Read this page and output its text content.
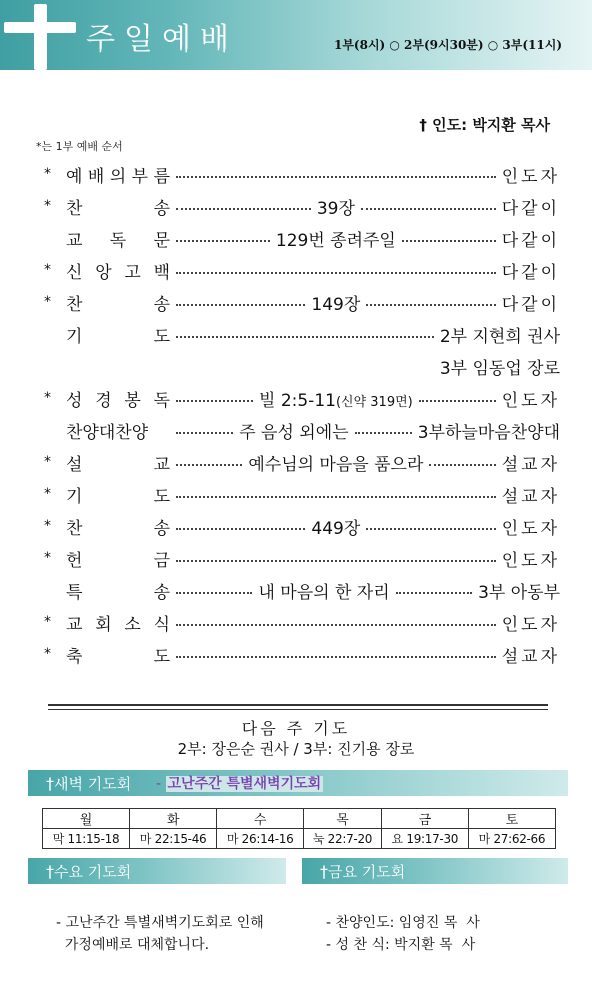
주일예배	1부(8시) ○ 2부(9시30분) ○ 3부(11시)
† 인도: 박지환 목사
*는 1부 예배 순서
* 예 배 의 부 름	인도자
* 찬	송	39장	다같이
교 독 문	129번 종려주일	다같이
* 신 앙 고 백	다같이
* 찬	송	149장	다같이
기	도	2부 지현희 권사
3부 임동업 장로
* 성 경 봉 독	빌 2:5-11(신약 319면)	인도자
찬양대찬양	주 음성 외에는	3부하늘마음찬양대
* 설	교	예수님의 마음을 품으라	설교자
* 기	도	설교자
* 찬	송	449장	인도자
* 헌	금	인도자
특	송	내 마음의 한 자리	3부 아동부
* 교 회 소 식	인도자
* 축	도	설교자
다음 주 기도
2부: 장은순 권사 / 3부: 진기용 장로
†새벽 기도회 - 고난주간 특별새벽기도회
월	화	수	목	금	토
막 11:15-18	마 22:15-46	마 26:14-16	눅 22:7-20	요 19:17-30	마 27:62-66
†수요 기도회	†금요 기도회
- 고난주간 특별새벽기도회로 인해
가정예배로 대체합니다.
- 찬양인도: 임영진 목  사
- 성 찬 식: 박지환 목  사
